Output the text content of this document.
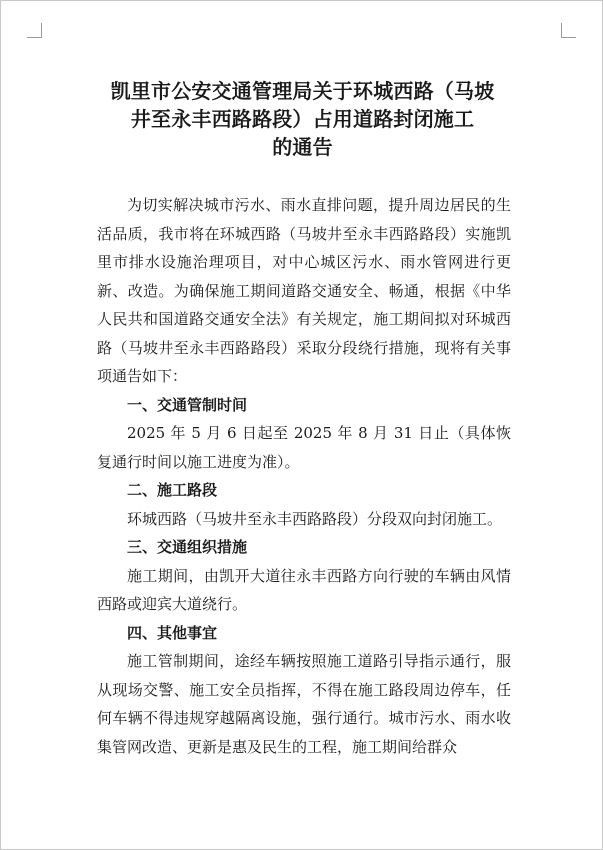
凯里市公安交通管理局关于环城西路（马坡
井至永丰西路路段）占用道路封闭施工
的通告

为切实解决城市污水、雨水直排问题，提升周边居民的生活品质，我市将在环城西路（马坡井至永丰西路路段）实施凯里市排水设施治理项目，对中心城区污水、雨水管网进行更新、改造。为确保施工期间道路交通安全、畅通，根据《中华人民共和国道路交通安全法》有关规定，施工期间拟对环城西路（马坡井至永丰西路路段）采取分段绕行措施，现将有关事项通告如下：

一、交通管制时间

2025 年 5 月 6 日起至 2025 年 8 月 31 日止（具体恢复通行时间以施工进度为准）。

二、施工路段

环城西路（马坡井至永丰西路路段）分段双向封闭施工。

三、交通组织措施

施工期间，由凯开大道往永丰西路方向行驶的车辆由风情西路或迎宾大道绕行。

四、其他事宜

施工管制期间，途经车辆按照施工道路引导指示通行，服从现场交警、施工安全员指挥，不得在施工路段周边停车，任何车辆不得违规穿越隔离设施，强行通行。城市污水、雨水收集管网改造、更新是惠及民生的工程，施工期间给群众
